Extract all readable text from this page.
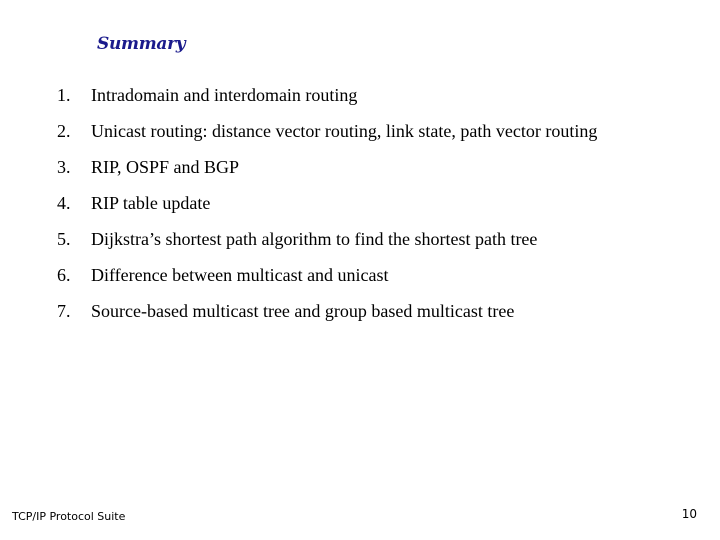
Summary
1.	Intradomain and interdomain routing
2.	Unicast routing: distance vector routing, link state, path vector routing
3.	RIP, OSPF and BGP
4.	RIP table update
5.	Dijkstra’s shortest path algorithm to find the shortest path tree
6.	Difference between multicast and unicast
7.	Source-based multicast tree and group based multicast tree
TCP/IP Protocol Suite	10
